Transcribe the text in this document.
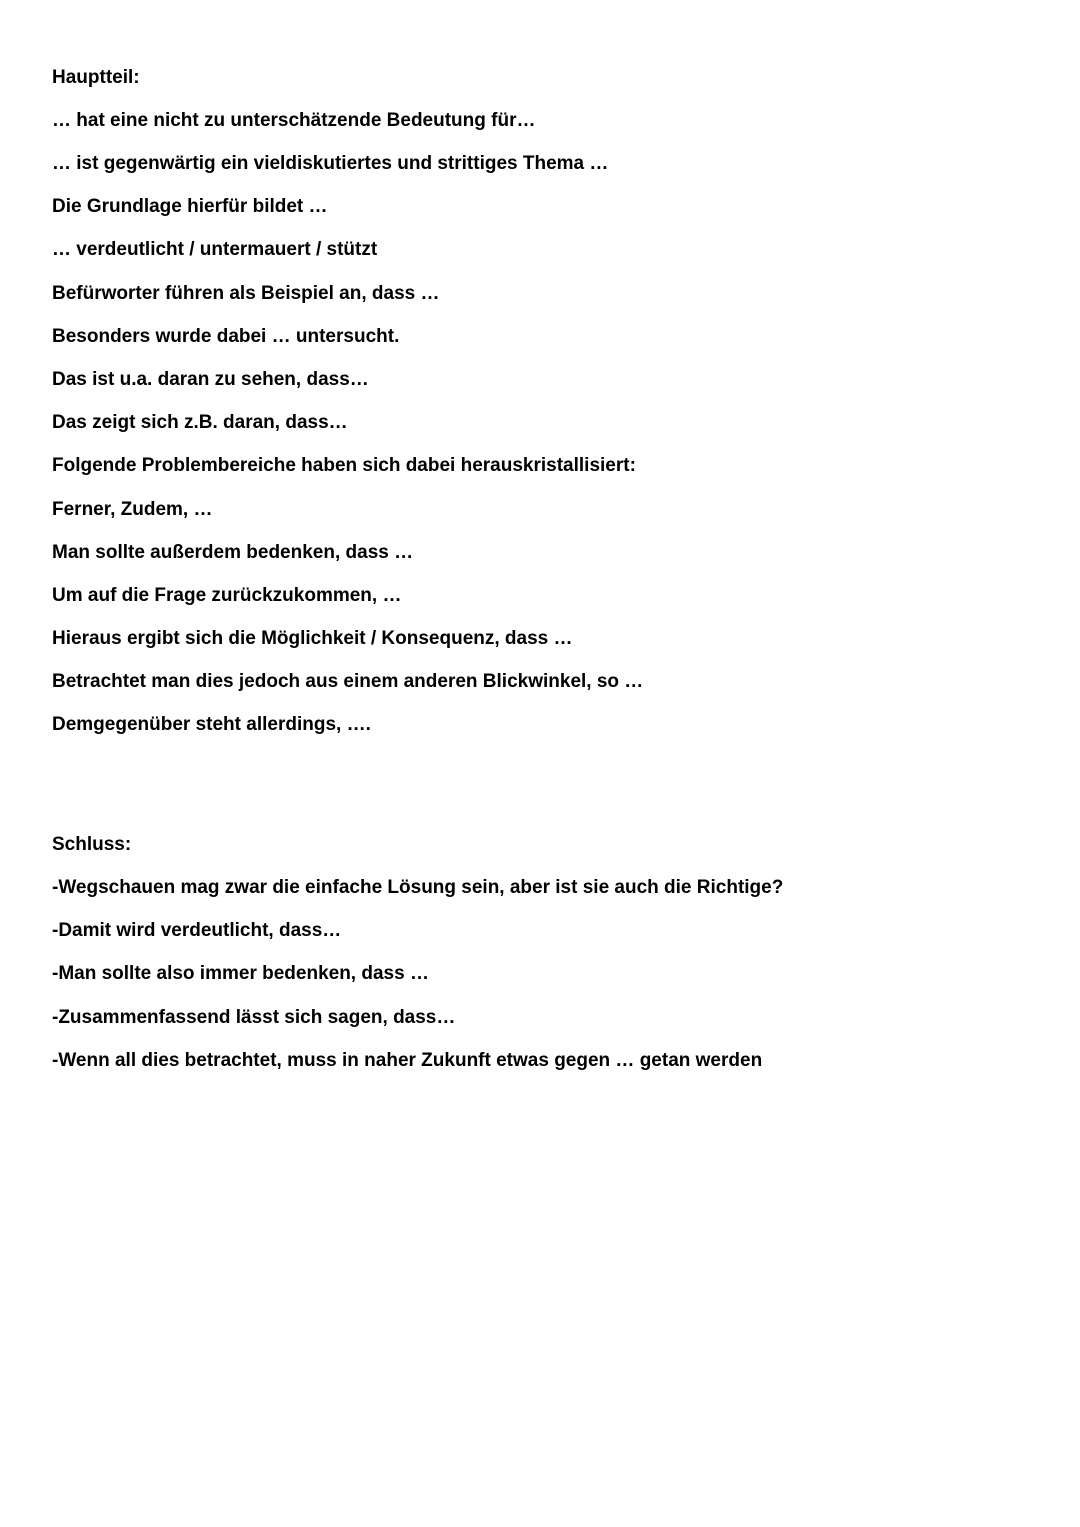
Hauptteil:
… hat eine nicht zu unterschätzende Bedeutung für…
… ist gegenwärtig ein vieldiskutiertes und strittiges Thema …
Die Grundlage hierfür bildet …
… verdeutlicht / untermauert / stützt
Befürworter führen als Beispiel an, dass …
Besonders wurde dabei … untersucht.
Das ist u.a. daran zu sehen, dass…
Das zeigt sich z.B. daran, dass…
Folgende Problembereiche haben sich dabei herauskristallisiert:
Ferner, Zudem, …
Man sollte außerdem bedenken, dass …
Um auf die Frage zurückzukommen, …
Hieraus ergibt sich die Möglichkeit / Konsequenz, dass …
Betrachtet man dies jedoch aus einem anderen Blickwinkel, so …
Demgegenüber steht allerdings, ….
Schluss:
-Wegschauen mag zwar die einfache Lösung sein, aber ist sie auch die Richtige?
-Damit wird verdeutlicht, dass…
-Man sollte also immer bedenken, dass …
-Zusammenfassend lässt sich sagen, dass…
-Wenn all dies betrachtet, muss in naher Zukunft etwas gegen … getan werden
